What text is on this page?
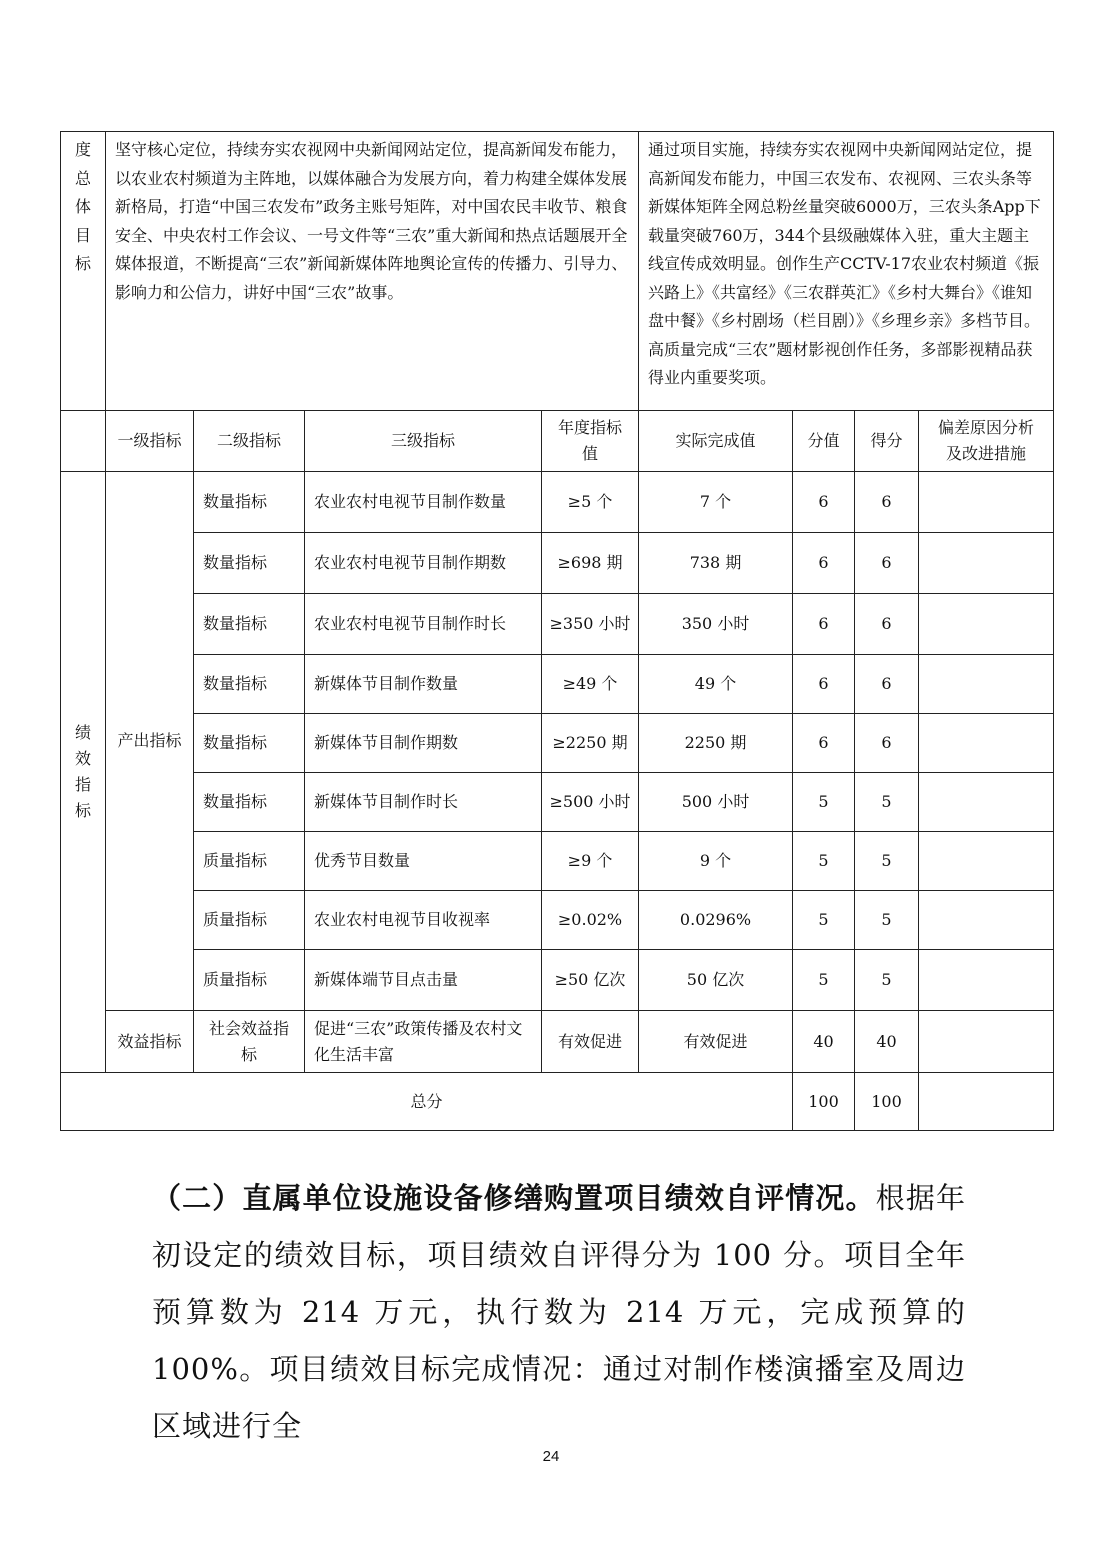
度总体目标	坚守核心定位，持续夯实农视网中央新闻网站定位，提高新闻发布能力，以农业农村频道为主阵地，以媒体融合为发展方向，着力构建全媒体发展新格局，打造“中国三农发布”政务主账号矩阵，对中国农民丰收节、粮食安全、中央农村工作会议、一号文件等“三农”重大新闻和热点话题展开全媒体报道，不断提高“三农”新闻新媒体阵地舆论宣传的传播力、引导力、影响力和公信力，讲好中国“三农”故事。				通过项目实施，持续夯实农视网中央新闻网站定位，提高新闻发布能力，中国三农发布、农视网、三农头条等新媒体矩阵全网总粉丝量突破6000万，三农头条App下载量突破760万，344个县级融媒体入驻，重大主题主线宣传成效明显。创作生产CCTV-17农业农村频道《振兴路上》《共富经》《三农群英汇》《乡村大舞台》《谁知盘中餐》《乡村剧场（栏目剧）》《乡理乡亲》多档节目。高质量完成“三农”题材影视创作任务，多部影视精品获得业内重要奖项。			
	一级指标	二级指标	三级指标	年度指标值	实际完成值	分值	得分	偏差原因分析及改进措施
绩效指标	产出指标	数量指标	农业农村电视节目制作数量	≥5 个	7 个	6	6	
		数量指标	农业农村电视节目制作期数	≥698 期	738 期	6	6	
		数量指标	农业农村电视节目制作时长	≥350 小时	350 小时	6	6	
		数量指标	新媒体节目制作数量	≥49 个	49 个	6	6	
		数量指标	新媒体节目制作期数	≥2250 期	2250 期	6	6	
		数量指标	新媒体节目制作时长	≥500 小时	500 小时	5	5	
		质量指标	优秀节目数量	≥9 个	9 个	5	5	
		质量指标	农业农村电视节目收视率	≥0.02%	0.0296%	5	5	
		质量指标	新媒体端节目点击量	≥50 亿次	50 亿次	5	5	
	效益指标	社会效益指标	促进“三农”政策传播及农村文化生活丰富	有效促进	有效促进	40	40	
总分						100	100	
（二）直属单位设施设备修缮购置项目绩效自评情况。根据年初设定的绩效目标，项目绩效自评得分为 100 分。项目全年预算数为 214 万元，执行数为 214 万元，完成预算的 100%。项目绩效目标完成情况：通过对制作楼演播室及周边区域进行全
24
